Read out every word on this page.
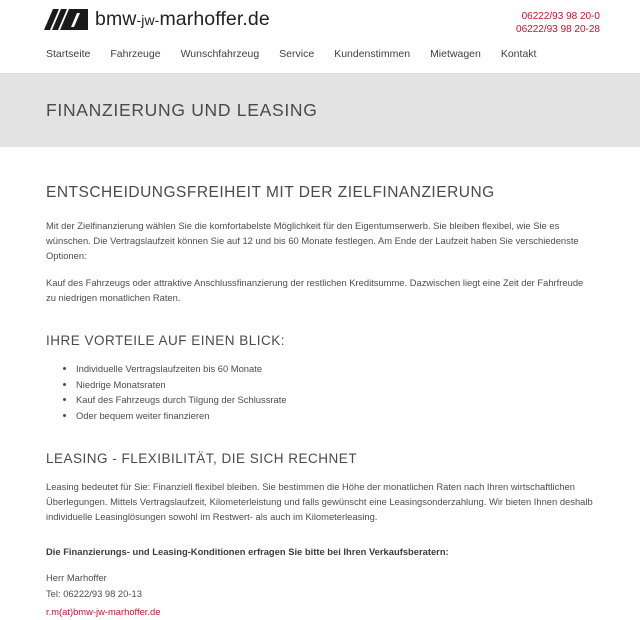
bmw-jw-marhoffer.de	06222/93 98 20-0
06222/93 98 20-28
Startseite Fahrzeuge Wunschfahrzeug Service Kundenstimmen Mietwagen Kontakt
FINANZIERUNG UND LEASING
ENTSCHEIDUNGSFREIHEIT MIT DER ZIELFINANZIERUNG

Mit der Zielfinanzierung wählen Sie die komfortabelste Möglichkeit für den Eigentumserwerb. Sie bleiben flexibel, wie Sie es wünschen. Die Vertragslaufzeit können Sie auf 12 und bis 60 Monate festlegen. Am Ende der Laufzeit haben Sie verschiedenste Optionen:

Kauf des Fahrzeugs oder attraktive Anschlussfinanzierung der restlichen Kreditsumme. Dazwischen liegt eine Zeit der Fahrfreude zu niedrigen monatlichen Raten.

IHRE VORTEILE AUF EINEN BLICK:
• Individuelle Vertragslaufzeiten bis 60 Monate
• Niedrige Monatsraten
• Kauf des Fahrzeugs durch Tilgung der Schlussrate
• Oder bequem weiter finanzieren
LEASING - FLEXIBILITÄT, DIE SICH RECHNET

Leasing bedeutet für Sie: Finanziell flexibel bleiben. Sie bestimmen die Höhe der monatlichen Raten nach Ihren wirtschaftlichen Überlegungen. Mittels Vertragslaufzeit, Kilometerleistung und falls gewünscht eine Leasingsonderzahlung. Wir bieten Ihnen deshalb individuelle Leasinglösungen sowohl im Restwert- als auch im Kilometerleasing.

Die Finanzierungs- und Leasing-Konditionen erfragen Sie bitte bei Ihren Verkaufsberatern:

Herr Marhoffer

Tel: 06222/93 98 20-13

r.m(at)bmw-jw-marhoffer.de
